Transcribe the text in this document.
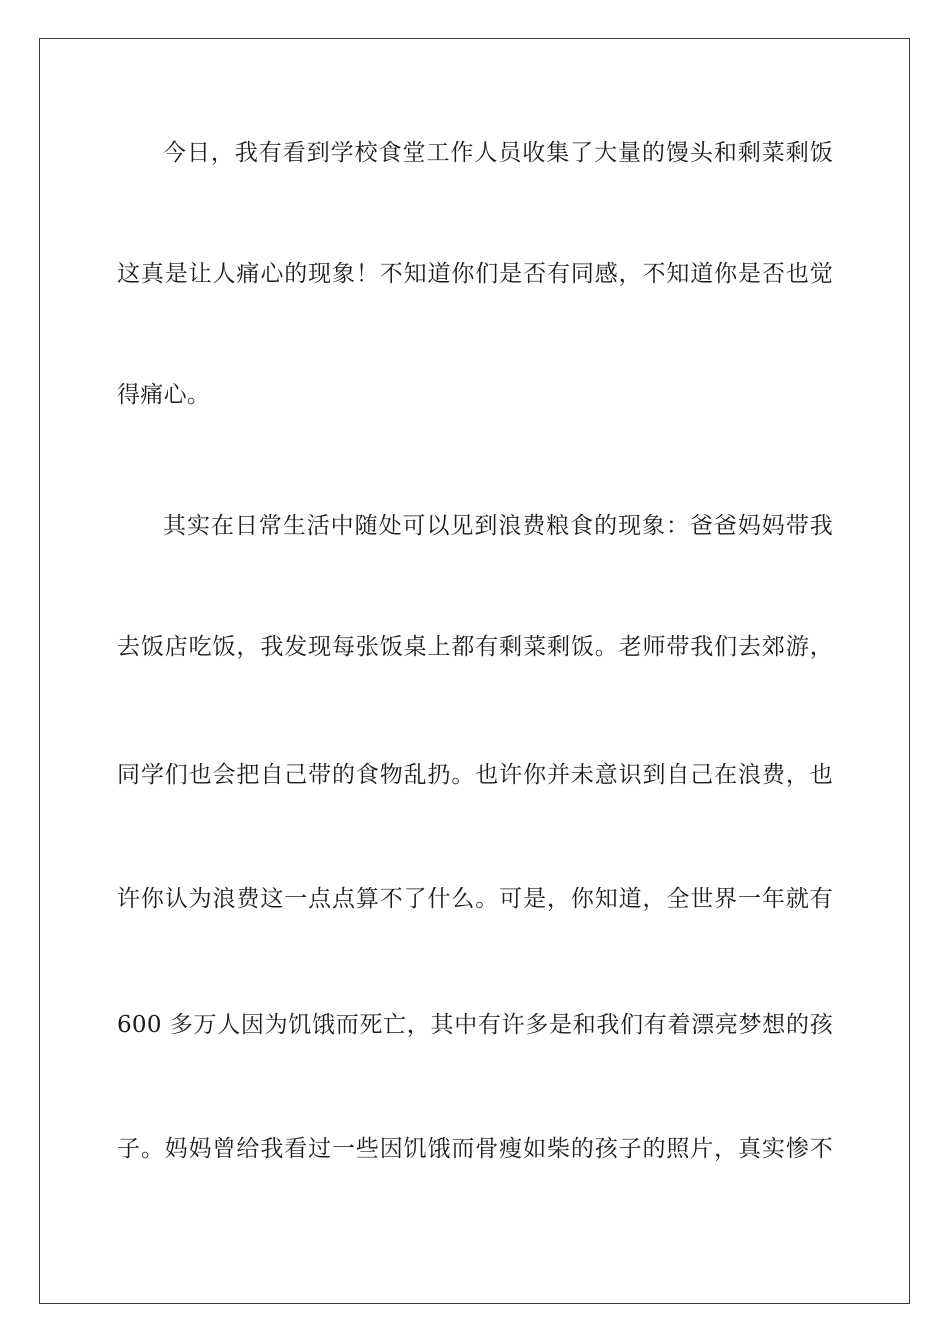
今日，我有看到学校食堂工作人员收集了大量的馒头和剩菜剩饭
这真是让人痛心的现象！不知道你们是否有同感，不知道你是否也觉
得痛心。
其实在日常生活中随处可以见到浪费粮食的现象：爸爸妈妈带我
去饭店吃饭，我发现每张饭桌上都有剩菜剩饭。老师带我们去郊游，
同学们也会把自己带的食物乱扔。也许你并未意识到自己在浪费，也
许你认为浪费这一点点算不了什么。可是，你知道，全世界一年就有
600 多万人因为饥饿而死亡，其中有许多是和我们有着漂亮梦想的孩
子。妈妈曾给我看过一些因饥饿而骨瘦如柴的孩子的照片，真实惨不
